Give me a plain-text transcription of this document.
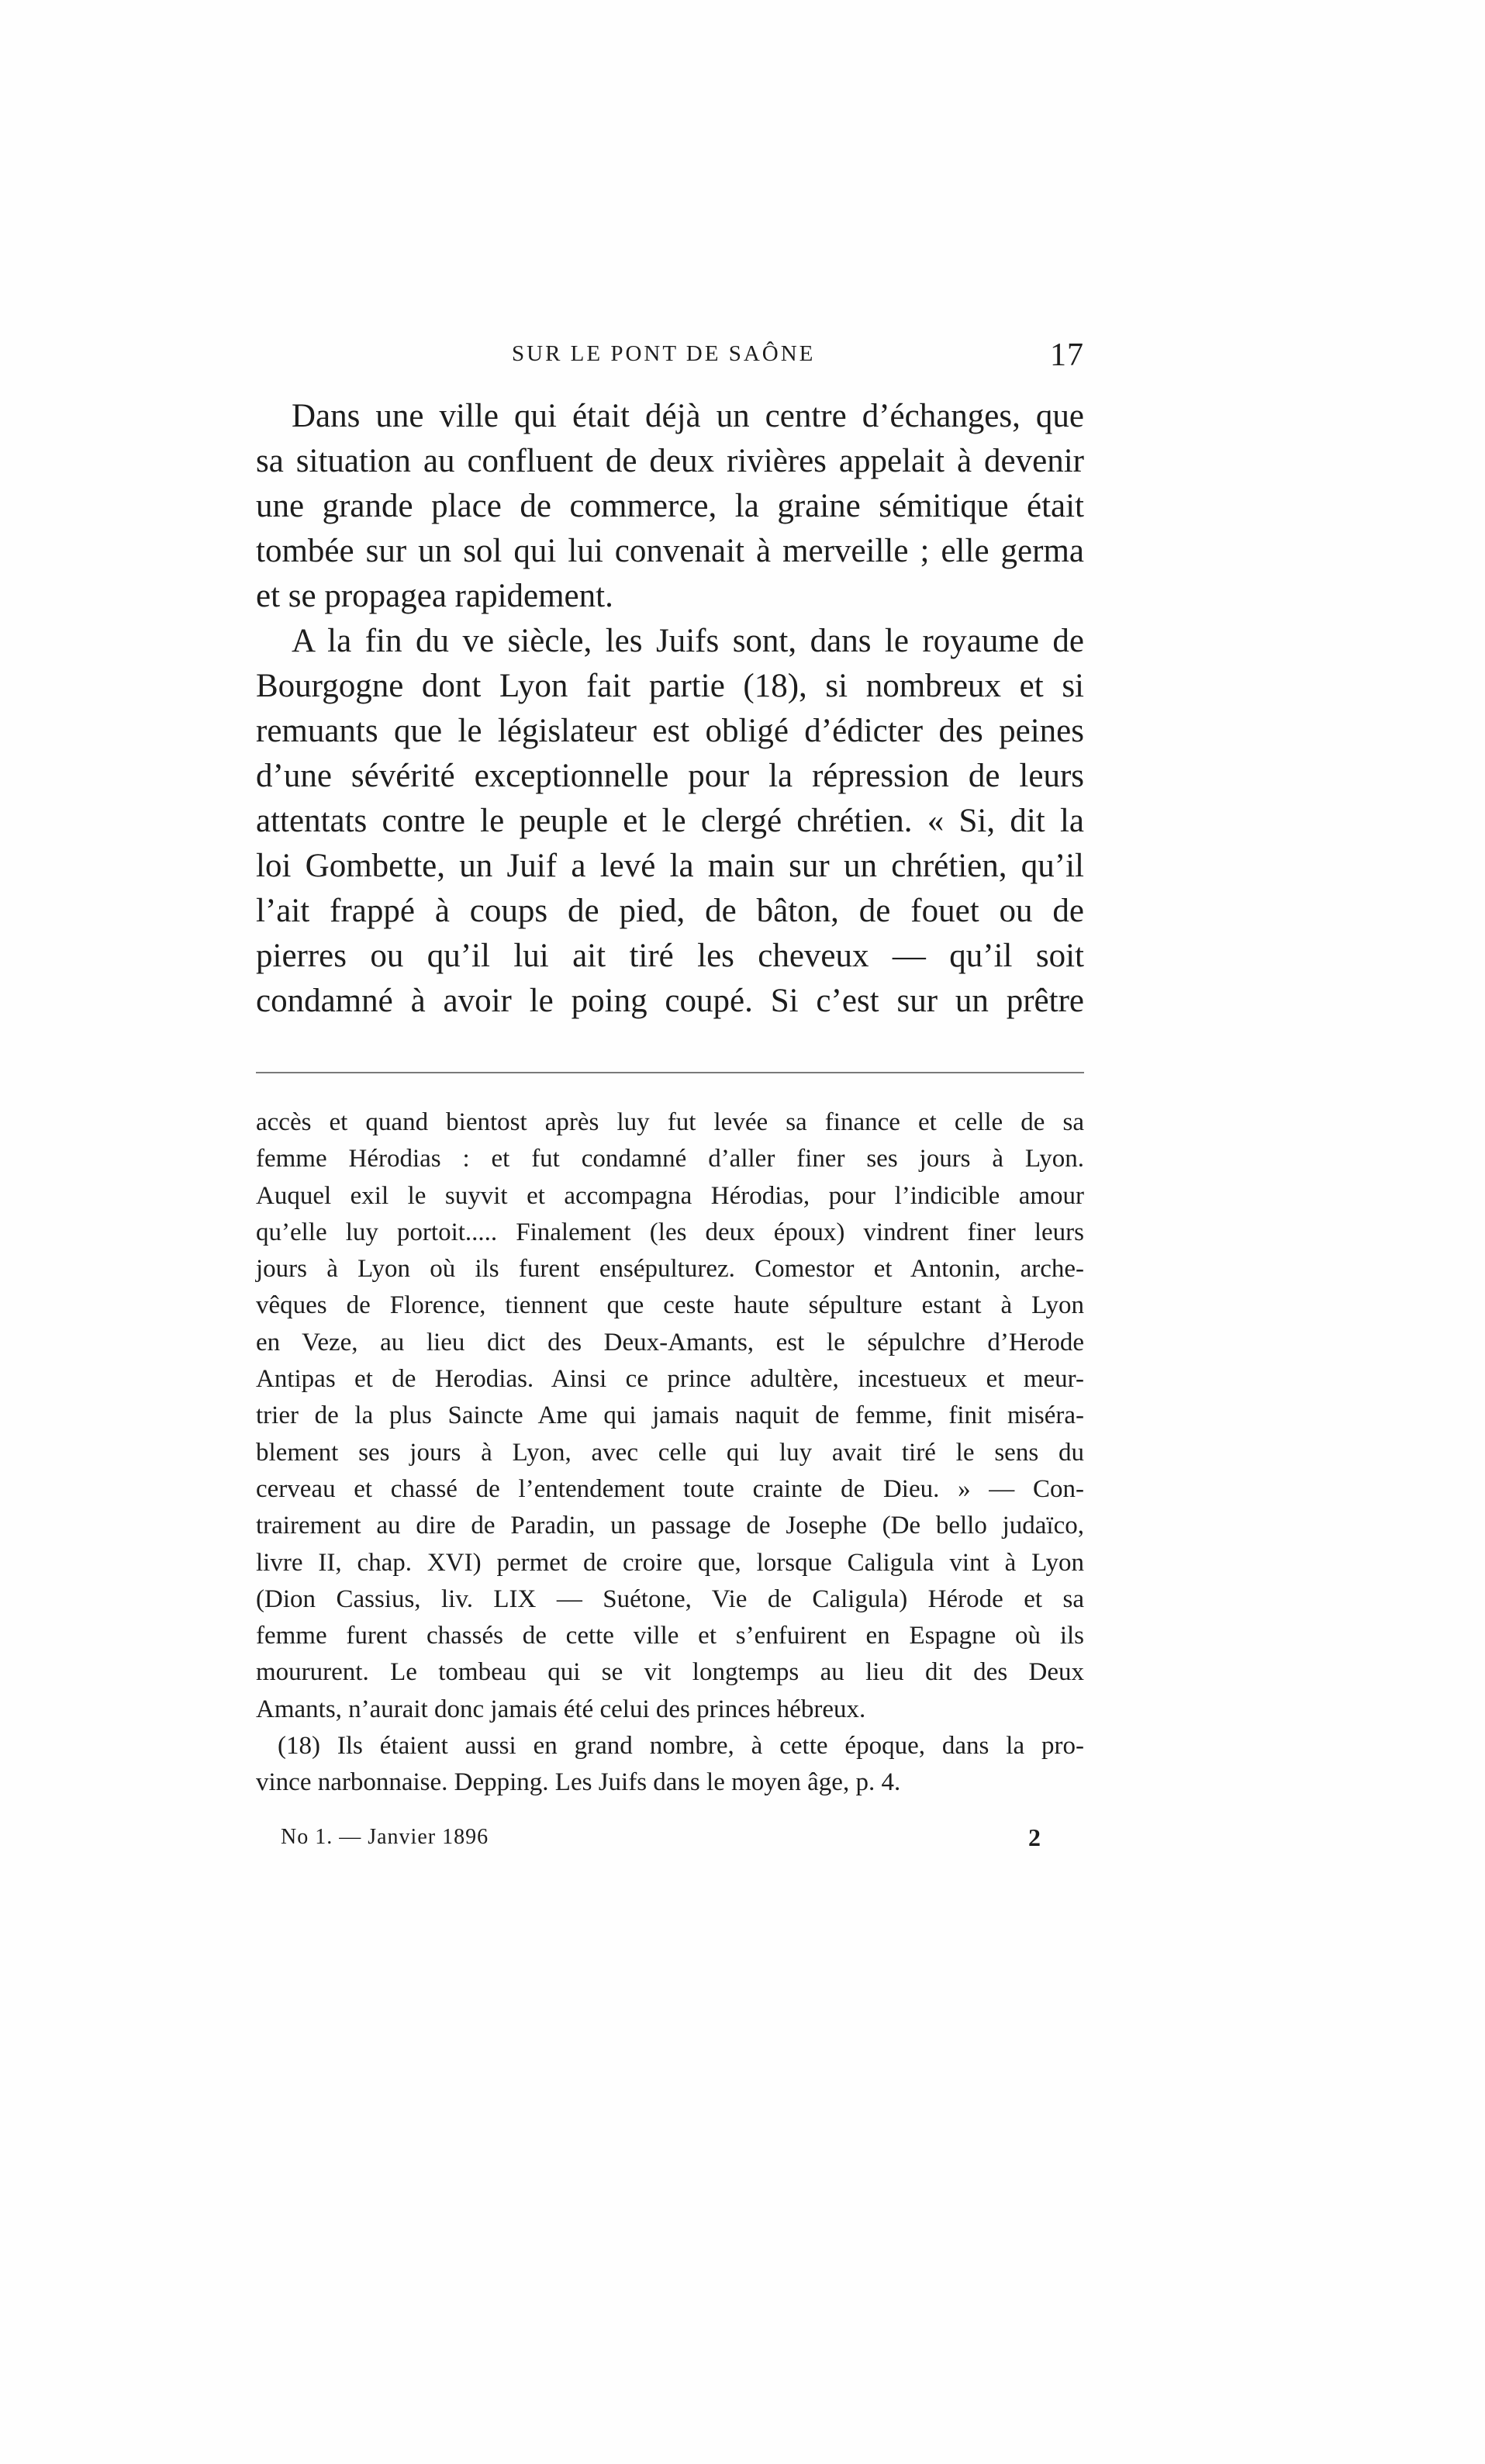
SUR LE PONT DE SAÔNE	17
Dans une ville qui était déjà un centre d’échanges, que
sa situation au confluent de deux rivières appelait à devenir
une grande place de commerce, la graine sémitique était
tombée sur un sol qui lui convenait à merveille ; elle germa
et se propagea rapidement.
A la fin du ve siècle, les Juifs sont, dans le royaume de
Bourgogne dont Lyon fait partie (18), si nombreux et si
remuants que le législateur est obligé d’édicter des peines
d’une sévérité exceptionnelle pour la répression de leurs
attentats contre le peuple et le clergé chrétien. « Si, dit la
loi Gombette, un Juif a levé la main sur un chrétien, qu’il
l’ait frappé à coups de pied, de bâton, de fouet ou de
pierres ou qu’il lui ait tiré les cheveux — qu’il soit
condamné à avoir le poing coupé. Si c’est sur un prêtre
accès et quand bientost après luy fut levée sa finance et celle de sa
femme Hérodias : et fut condamné d’aller finer ses jours à Lyon.
Auquel exil le suyvit et accompagna Hérodias, pour l’indicible amour
qu’elle luy portoit..... Finalement (les deux époux) vindrent finer leurs
jours à Lyon où ils furent ensépulturez. Comestor et Antonin, arche-
vêques de Florence, tiennent que ceste haute sépulture estant à Lyon
en Veze, au lieu dict des Deux-Amants, est le sépulchre d’Herode
Antipas et de Herodias. Ainsi ce prince adultère, incestueux et meur-
trier de la plus Saincte Ame qui jamais naquit de femme, finit miséra-
blement ses jours à Lyon, avec celle qui luy avait tiré le sens du
cerveau et chassé de l’entendement toute crainte de Dieu. » — Con-
trairement au dire de Paradin, un passage de Josephe (De bello judaïco,
livre II, chap. XVI) permet de croire que, lorsque Caligula vint à Lyon
(Dion Cassius, liv. LIX — Suétone, Vie de Caligula) Hérode et sa
femme furent chassés de cette ville et s’enfuirent en Espagne où ils
moururent. Le tombeau qui se vit longtemps au lieu dit des Deux
Amants, n’aurait donc jamais été celui des princes hébreux.
(18) Ils étaient aussi en grand nombre, à cette époque, dans la pro-
vince narbonnaise. Depping. Les Juifs dans le moyen âge, p. 4.
No 1. — Janvier 1896	2
